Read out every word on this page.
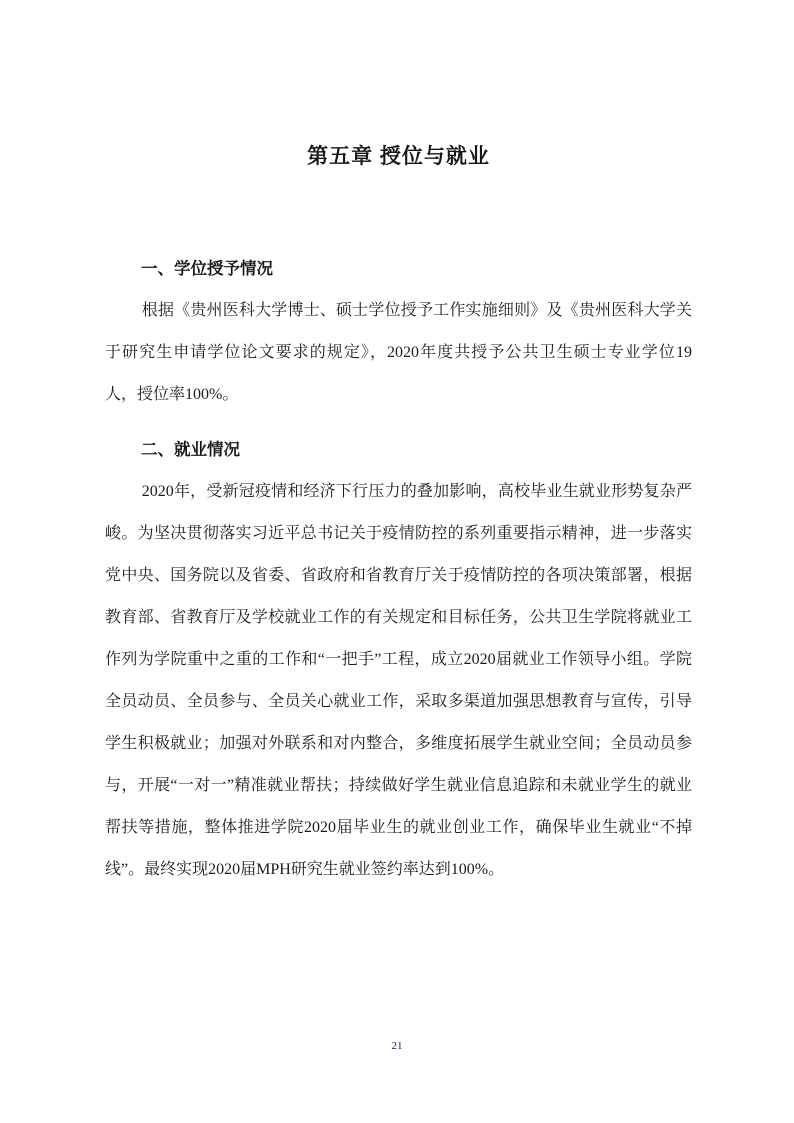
第五章 授位与就业
一、学位授予情况

根据《贵州医科大学博士、硕士学位授予工作实施细则》及《贵州医科大学关于研究生申请学位论文要求的规定》，2020年度共授予公共卫生硕士专业学位19 人，授位率100%。

二、就业情况

2020年，受新冠疫情和经济下行压力的叠加影响，高校毕业生就业形势复杂严峻。为坚决贯彻落实习近平总书记关于疫情防控的系列重要指示精神，进一步落实党中央、国务院以及省委、省政府和省教育厅关于疫情防控的各项决策部署，根据教育部、省教育厅及学校就业工作的有关规定和目标任务，公共卫生学院将就业工作列为学院重中之重的工作和“一把手”工程，成立2020届就业工作领导小组。学院全员动员、全员参与、全员关心就业工作，采取多渠道加强思想教育与宣传，引导学生积极就业；加强对外联系和对内整合，多维度拓展学生就业空间；全员动员参与，开展“一对一”精准就业帮扶；持续做好学生就业信息追踪和未就业学生的就业帮扶等措施，整体推进学院2020届毕业生的就业创业工作，确保毕业生就业“不掉线”。最终实现2020届MPH研究生就业签约率达到100%。

21
